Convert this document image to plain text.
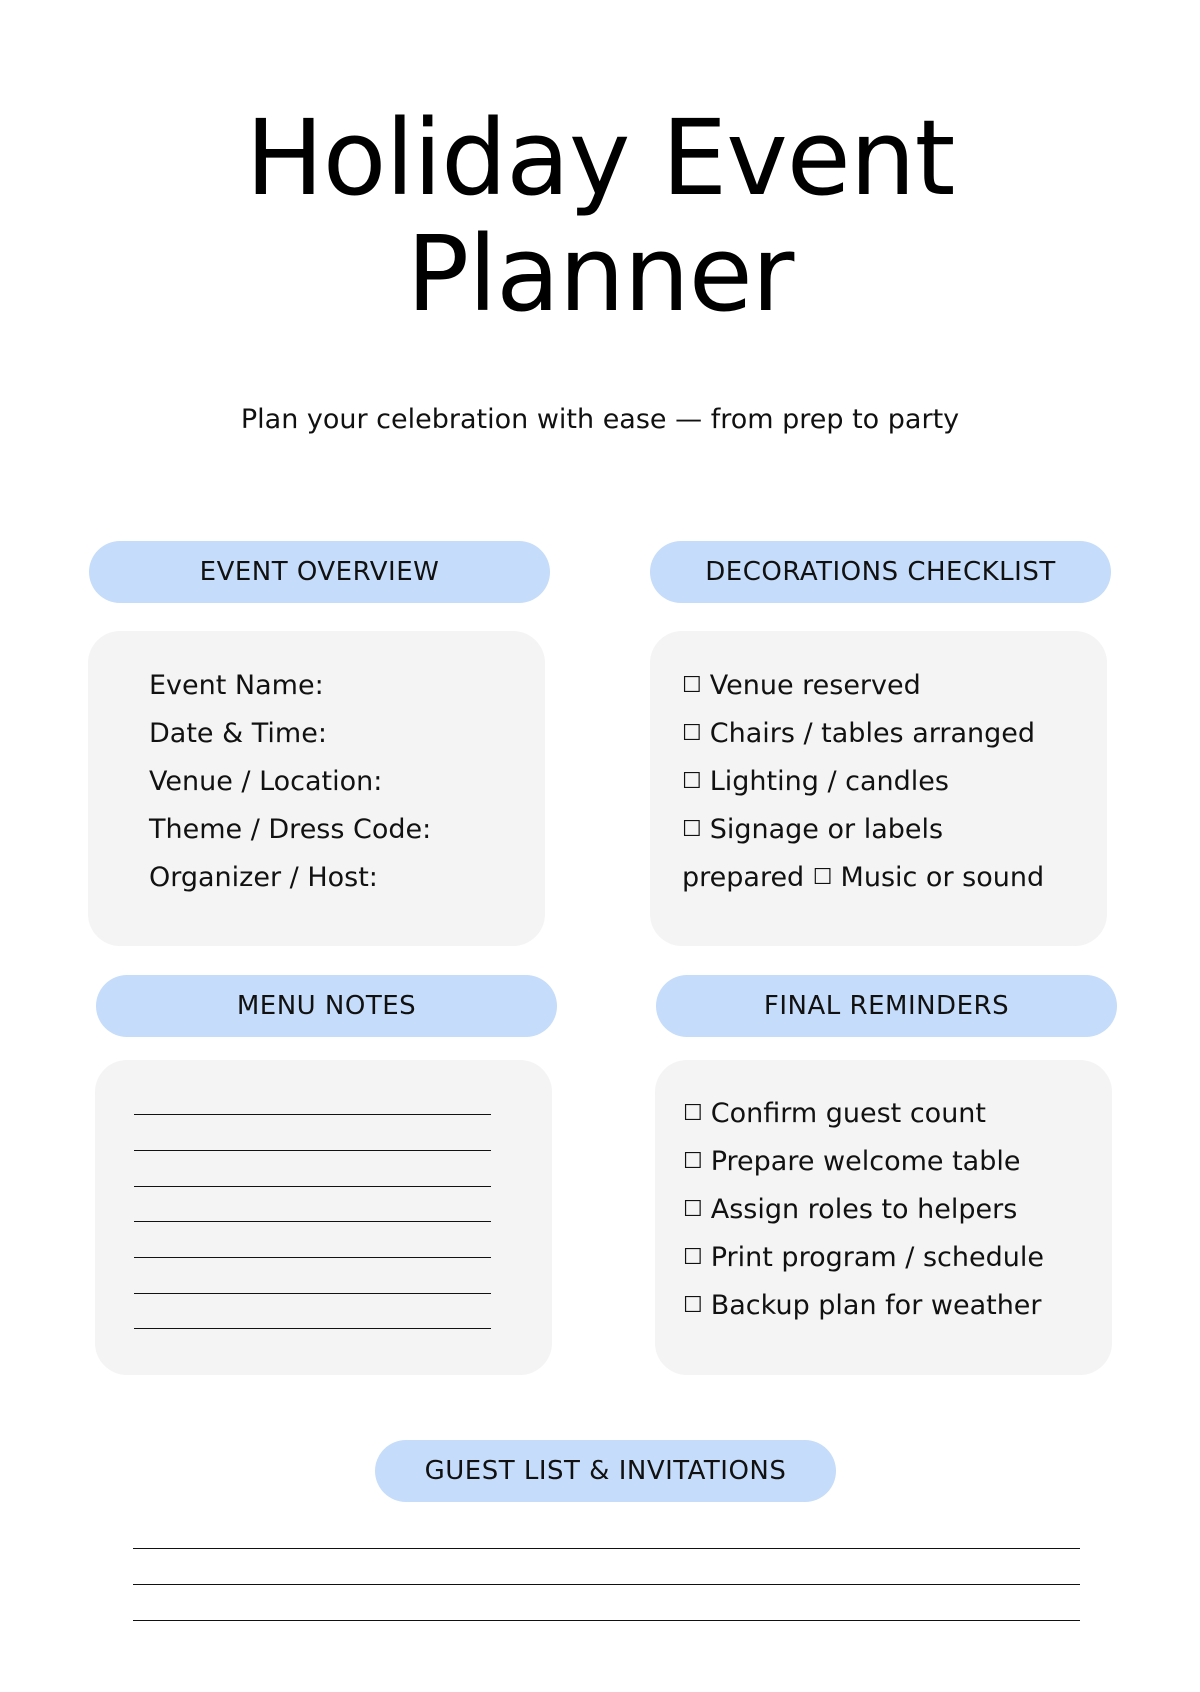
Holiday Event
Planner
Plan your celebration with ease — from prep to party
EVENT OVERVIEW
Event Name:
Date & Time:
Venue / Location:
Theme / Dress Code:
Organizer / Host:
DECORATIONS CHECKLIST
☐ Venue reserved
☐ Chairs / tables arranged
☐ Lighting / candles
☐ Signage or labels
prepared ☐ Music or sound
MENU NOTES	FINAL REMINDERS
☐ Confirm guest count
☐ Prepare welcome table
☐ Assign roles to helpers
☐ Print program / schedule
☐ Backup plan for weather
GUEST LIST & INVITATIONS
